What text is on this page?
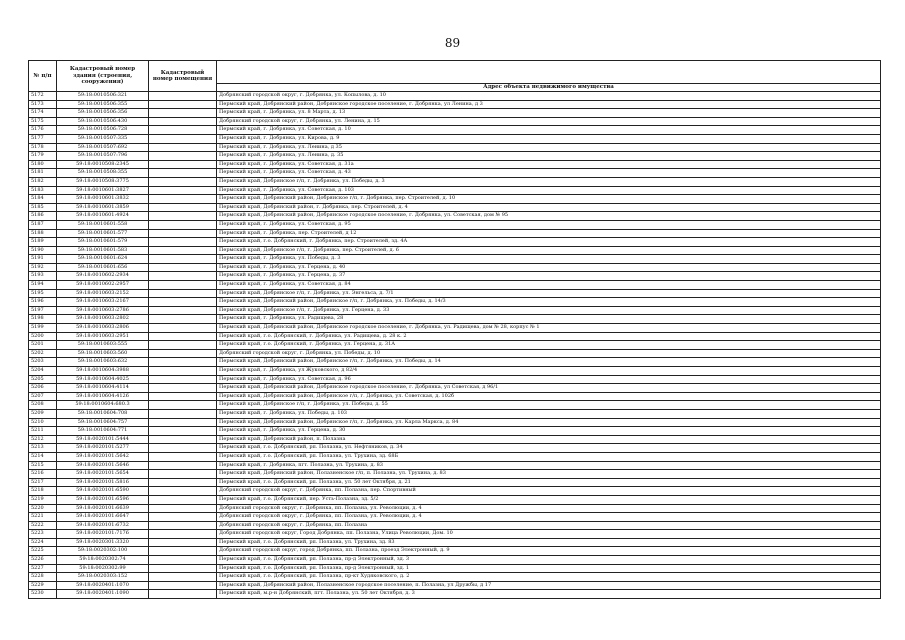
89
№ п/п	Кадастровый номер здания (строения, сооружения)	Кадастровый номер помещения	
			Адрес объекта недвижимого имущества
5172	59:18:0010506:321		Добрянский городской округ, г. Добрянка, ул. Копылова, д. 10
5173	59:18:0010506:355		Пермский край, Добрянский район, Добрянское городское поселение, г. Добрянка, ул Ленина, д 3
5174	59:18:0010506:356		Пермский край, г. Добрянка, ул. 8 Марта, д. 13
5175	59:18:0010506:430		Добрянский городской округ, г. Добрянка, ул. Ленина, д. 15
5176	59:18:0010506:728		Пермский край, г. Добрянка, ул. Советская, д. 10
5177	59:18:0010507:335		Пермский край, г. Добрянка, ул. Кирова, д. 9
5178	59:18:0010507:692		Пермский край, г. Добрянка, ул. Ленина, д 35
5179	59:18:0010507:796		Пермский край, г. Добрянка, ул. Ленина, д. 35
5180	59:18:0010508:2345		Пермский край, г. Добрянка, ул. Советская, д. 31а
5181	59:18:0010508:355		Пермский край, г. Добрянка, ул. Советская, д. 43
5182	59:18:0010508:3775		Пермский край, Добрянское г/п, г. Добрянка, ул. Победы, д. 3
5183	59:18:0010601:3827		Пермский край, г. Добрянка, ул. Советская, д. 103
5184	59:18:0010601:3832		Пермский край, Добрянский район, Добрянское г/п, г. Добрянка, пер. Строителей, д. 10
5185	59:18:0010601:3859		Пермский край, Добрянский район, г. Добрянка, пер. Строителей, д. 4
5186	59:18:0010601:4924		Пермский край, Добрянский район, Добрянское городское поселение, г. Добрянка, ул. Советская, дом № 95
5187	59:18:0010601:558		Пермский край, г. Добрянка, ул. Советская, д. 95
5188	59:18:0010601:577		Пермский край, г. Добрянка, пер. Строителей, д 12
5189	59:18:0010601:579		Пермский край, г.о. Добрянский, г. Добрянка, пер. Строителей, зд. 4А
5190	59:18:0010601:583		Пермский край, Добрянское г/п, г. Добрянка, пер. Строителей, д. 6
5191	59:18:0010601:624		Пермский край, г. Добрянка, ул. Победы, д. 3
5192	59:18:0010601:656		Пермский край, г. Добрянка, ул. Герцена, д. 40
5193	59:18:0010602:2934		Пермский край, г. Добрянка, ул. Герцена, д. 37
5194	59:18:0010602:2957		Пермский край, г. Добрянка, ул. Советская, д. 84
5195	59:18:0010603:2152		Пермский край, Добрянское г/п, г. Добрянка, ул. Энгельса, д. 7/1
5196	59:18:0010603:2167		Пермский край, Добрянский район, Добрянское г/п, г. Добрянка, ул. Победы, д. 14/3
5197	59:18:0010603:2786		Пермский край, Добрянское г/п, г. Добрянка, ул. Герцена, д. 33
5198	59:18:0010603:2802		Пермский край, г. Добрянка, ул. Радищева, 28
5199	59:18:0010603:2806		Пермский край, Добрянский район, Добрянское городское поселение, г. Добрянка, ул. Радищева, дом № 28, корпус № 1
5200	59:18:0010603:2951		Пермский край, г.о. Добрянский, г. Добрянка, ул. Радищева, д. 28 к. 2
5201	59:18:0010603:555		Пермский край, г.о. Добрянский, г. Добрянка, ул. Герцена, д. 31А
5202	59:18:0010603:560		Добрянский городской округ, г. Добрянка, ул. Победы, д. 10
5203	59:18:0010603:632		Пермский край, Добрянский район, Добрянское г/п, г. Добрянка, ул. Победы, д. 14
5204	59:18:0010604:3988		Пермский край, г. Добрянка, ул Жуковского, д 82/4
5205	59:18:0010604:4025		Пермский край, г. Добрянка, ул. Советская, д. 96
5206	59:18:0010604:4114		Пермский край, Добрянский район, Добрянское городское поселение, г. Добрянка, ул Советская, д 96/1
5207	59:18:0010604:4126		Пермский край, Добрянский район, Добрянское г/п, г. Добрянка, ул. Советская, д. 102б
5208	59:18:0010604:680.3		Пермский край, Добрянское г/п, г. Добрянка, ул. Победы, д. 55
5209	59:18:0010604:708		Пермский край, г. Добрянка, ул. Победы, д. 103
5210	59:18:0010604:757		Пермский край, Добрянский район, Добрянское г/п, г. Добрянка, ул. Карла Маркса, д. 84
5211	59:18:0010604:771		Пермский край, г. Добрянка, ул. Герцена, д. 30
5212	59:18:0020101:5444		Пермский край, Добрянский район, п. Полазна
5213	59:18:0020101:5277		Пермский край, г.о. Добрянский, рп. Полазна, ул. Нефтяников, д. 34
5214	59:18:0020101:5642		Пермский край, г.о. Добрянский, рп. Полазна, ул. Трухина, зд. 68Б
5215	59:18:0020101:5646		Пермский край, г. Добрянка, пгт. Полазна, ул. Трухина, д. 83
5216	59:18:0020101:5654		Пермский край, Добрянский район, Полазненское г/п, п. Полазна, ул. Трухина, д. 83
5217	59:18:0020101:5816		Пермский край, г.о. Добрянский, рп. Полазна, ул. 50 лет Октября, д. 21
5218	59:18:0020101:6590		Добрянский городской округ, г. Добрянка, пп. Полазна, пер. Спортивный
5219	59:18:0020101:6596		Пермский край, г.о. Добрянский, пер. Усть-Полазна, зд. 5/2
5220	59:18:0020101:6639		Добрянский городской округ, г. Добрянка, пп. Полазна, ул. Революции, д. 4
5221	59:18:0020101:6647		Добрянский городской округ, г. Добрянка, пп. Полазна, ул. Революции, д. 4
5222	59:18:0020101:6732		Добрянский городской округ, г. Добрянка, пп. Полазна
5223	59:18:0020101:7176		Добрянский городской округ, Город Добрянка, пп. Полазна, Улица Революции, Дом. 10
5224	59:18:0020301:3320		Пермский край, г.о. Добрянский, рп. Полазна, ул. Трухина, зд. 83
5225	59:18:0020302:100		Добрянский городской округ, город Добрянка, пп. Полазна, проезд Электронный, д. 9
5226	59:18:0020302:74		Пермский край, г.о. Добрянский, рп. Полазна, пр-д Электронный, зд. 3
5227	59:18:0020302:99		Пермский край, г.о. Добрянский, рп. Полазна, пр-д Электронный, зд. 1
5228	59:18:0020303:152		Пермский край, г.о. Добрянский, рп. Полазна, пр-кт Худяковского, д. 2
5229	59:18:0020401:1070		Пермский край, Добрянский район, Полазненское городское поселение, п. Полазна, ул Дружбы, д 17
5230	59:18:0020401:1090		Пермский край, м.р-н Добрянский, пгт. Полазна, ул. 50 лет Октября, д. 3
